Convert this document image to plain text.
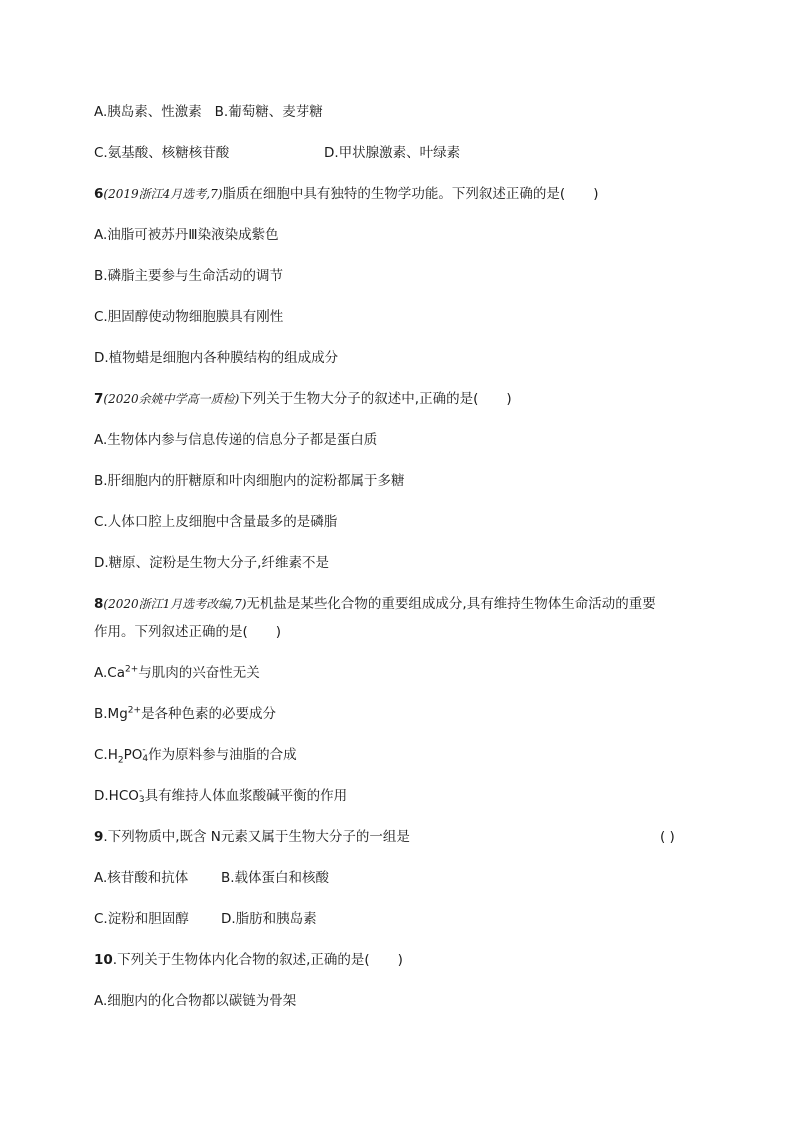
A.胰岛素、性激素 B.葡萄糖、麦芽糖
C.氨基酸、核糖核苷酸	D.甲状腺激素、叶绿素
6(2019浙江4月选考,7)脂质在细胞中具有独特的生物学功能。下列叙述正确的是( )
A.油脂可被苏丹Ⅲ染液染成紫色
B.磷脂主要参与生命活动的调节
C.胆固醇使动物细胞膜具有刚性
D.植物蜡是细胞内各种膜结构的组成成分
7(2020余姚中学高一质检)下列关于生物大分子的叙述中,正确的是( )
A.生物体内参与信息传递的信息分子都是蛋白质
B.肝细胞内的肝糖原和叶肉细胞内的淀粉都属于多糖
C.人体口腔上皮细胞中含量最多的是磷脂
D.糖原、淀粉是生物大分子,纤维素不是
8(2020浙江1月选考改编,7)无机盐是某些化合物的重要组成成分,具有维持生物体生命活动的重要
作用。下列叙述正确的是( )
$A.Ca^{2+}$与肌肉的兴奋性无关
$B.Mg^{2+}$是各种色素的必要成分
$C.H_2PO$ -
4 作为原料参与油脂的合成
D.HCO -
3 具有维持人体血浆酸碱平衡的作用
9.下列物质中,既含 N元素又属于生物大分子的一组是	( )
A.核苷酸和抗体 B.载体蛋白和核酸
C.淀粉和胆固醇 D.脂肪和胰岛素
10.下列关于生物体内化合物的叙述,正确的是( )
A.细胞内的化合物都以碳链为骨架
